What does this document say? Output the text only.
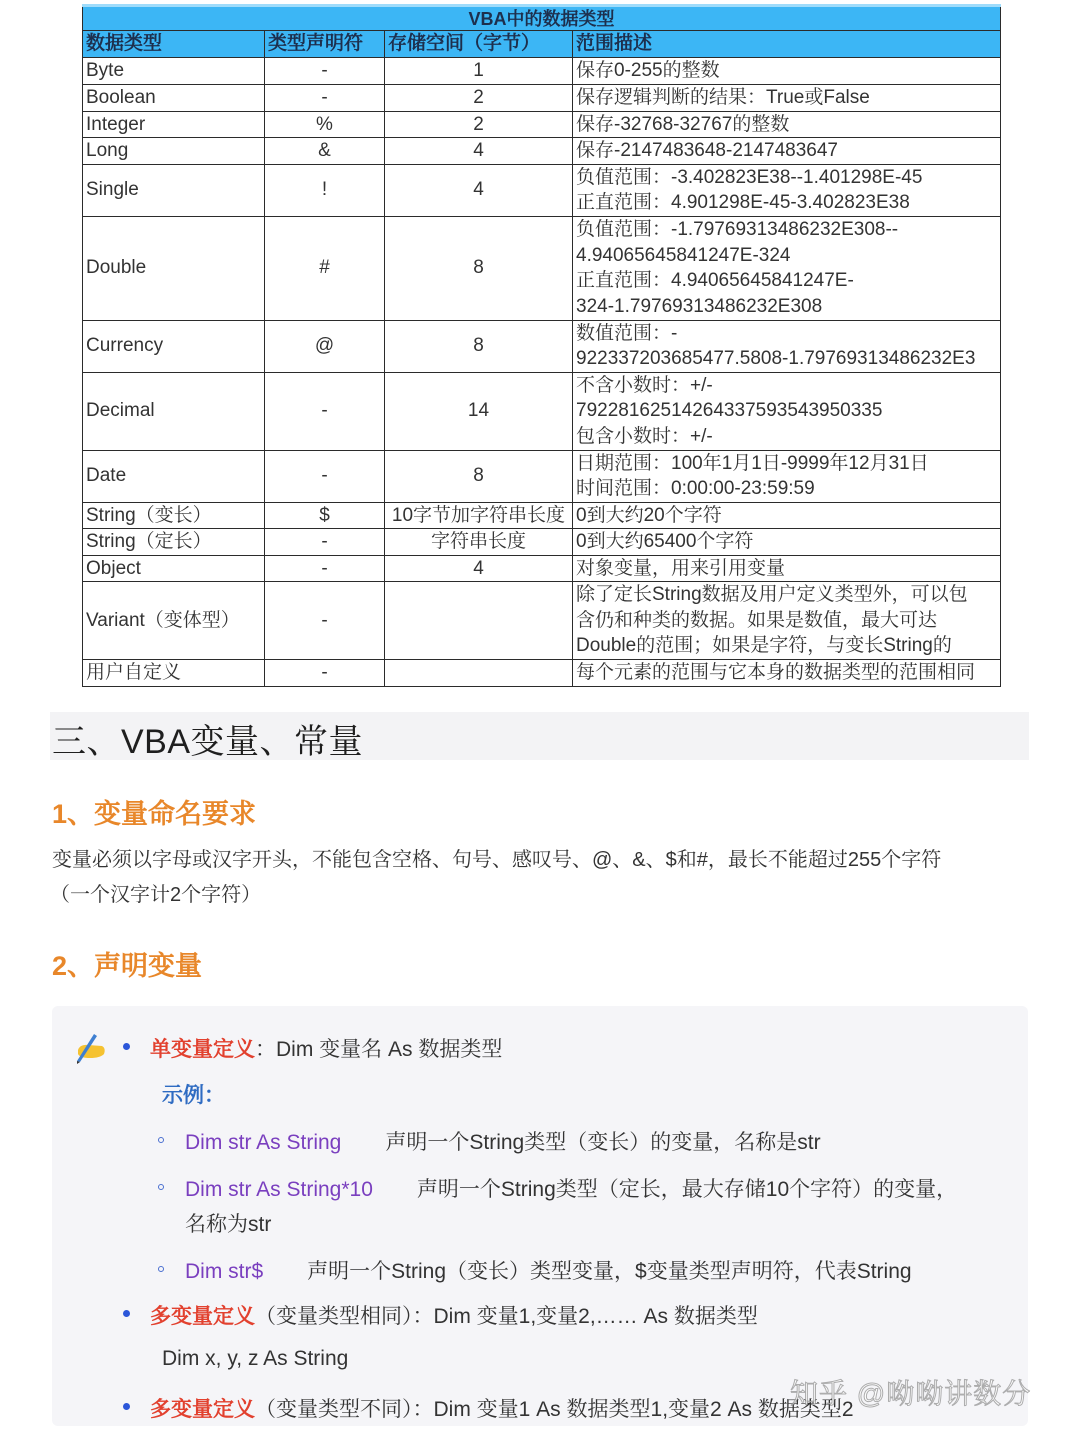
VBA中的数据类型			
数据类型	类型声明符	存储空间（字节）	范围描述
Byte	-	1	保存0-255的整数

Boolean	-	2	保存逻辑判断的结果：True或False

Integer	%	2	保存-32768-32767的整数

Long	&	4	保存-2147483648-2147483647

Single	!	4	负值范围：-3.402823E38--1.401298E-45
正直范围：4.901298E-45-3.402823E38

Double	#	8	负值范围：-1.79769313486232E308--
4.94065645841247E-324
正直范围：4.94065645841247E-
324-1.79769313486232E308

Currency	@	8	数值范围：-
922337203685477.5808-1.79769313486232E3

Decimal	-	14	不含小数时：+/-
79228162514264337593543950335
包含小数时：+/-

Date	-	8	日期范围：100年1月1日-9999年12月31日
时间范围：0:00:00-23:59:59

String（变长）	$	10字节加字符串长度	0到大约20个字符

String（定长）	-	字符串长度	0到大约65400个字符

Object	-	4	对象变量，用来引用变量

Variant（变体型）	-		除了定长String数据及用户定义类型外，可以包
含仍和种类的数据。如果是数值，最大可达
Double的范围；如果是字符，与变长String的

用户自定义	-		每个元素的范围与它本身的数据类型的范围相同
三、VBA变量、常量
1、变量命名要求
变量必须以字母或汉字开头，不能包含空格、句号、感叹号、@、&、$和#，最长不能超过255个字符
（一个汉字计2个字符）
2、声明变量
单变量定义：Dim 变量名 As 数据类型
示例：
Dim str As String 声明一个String类型（变长）的变量，名称是str
Dim str As String*10 声明一个String类型（定长，最大存储10个字符）的变量，
名称为str
Dim str$ 声明一个String（变长）类型变量，$变量类型声明符，代表String
多变量定义（变量类型相同）：Dim 变量1,变量2,…… As 数据类型
Dim x, y, z As String
多变量定义（变量类型不同）：Dim 变量1 As 数据类型1,变量2 As 数据类型2
知乎 @呦呦讲数分
